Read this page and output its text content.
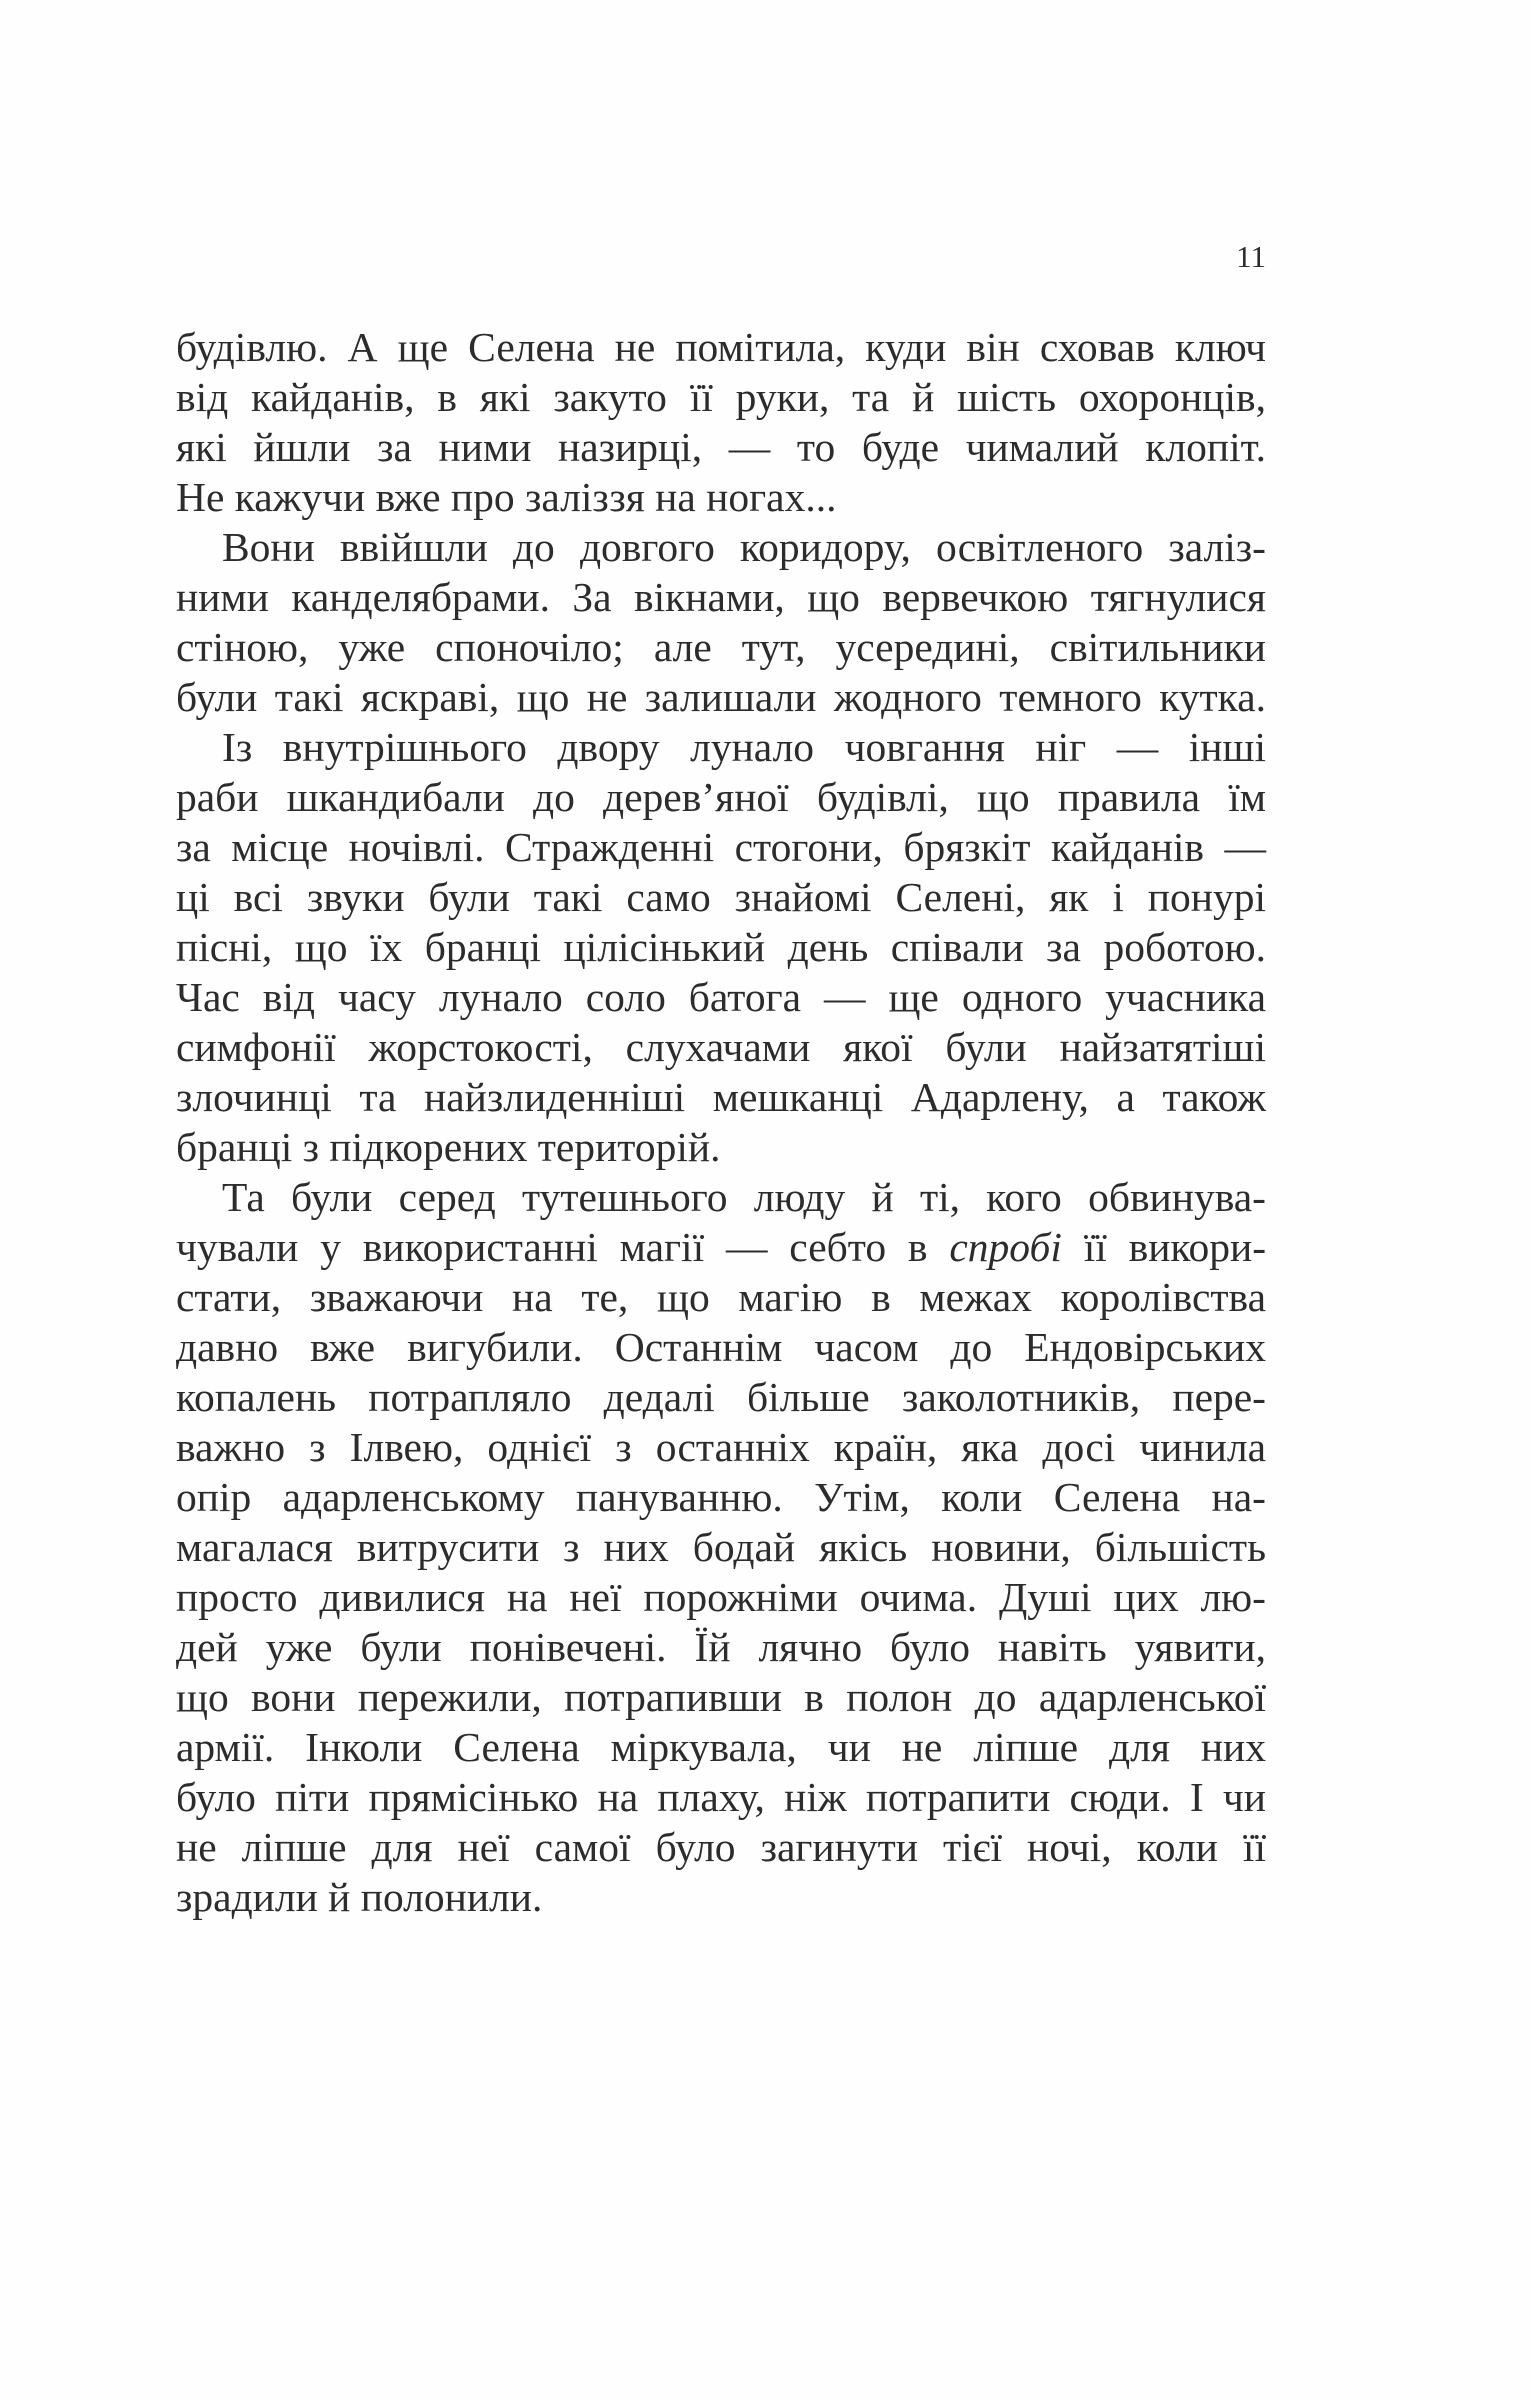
11
будівлю. А ще Селена не помітила, куди він сховав ключ
від кайданів, в які закуто її руки, та й шість охоронців,
які йшли за ними назирці, — то буде чималий клопіт.
Не кажучи вже про заліззя на ногах...
Вони ввійшли до довгого коридору, освітленого заліз-
ними канделябрами. За вікнами, що вервечкою тягнулися
стіною, уже споночіло; але тут, усередині, світильники
були такі яскраві, що не залишали жодного темного кутка.
Із внутрішнього двору лунало човгання ніг — інші
раби шкандибали до дерев’яної будівлі, що правила їм
за місце ночівлі. Стражденні стогони, брязкіт кайданів —
ці всі звуки були такі само знайомі Селені, як і понурі
пісні, що їх бранці цілісінький день співали за роботою.
Час від часу лунало соло батога — ще одного учасника
симфонії жорстокості, слухачами якої були найзатятіші
злочинці та найзлиденніші мешканці Адарлену, а також
бранці з підкорених територій.
Та були серед тутешнього люду й ті, кого обвинува-
чували у використанні магії — себто в спробі її викори-
стати, зважаючи на те, що магію в межах королівства
давно вже вигубили. Останнім часом до Ендовірських
копалень потрапляло дедалі більше заколотників, пере-
важно з Ілвею, однієї з останніх країн, яка досі чинила
опір адарленському пануванню. Утім, коли Селена на-
магалася витрусити з них бодай якісь новини, більшість
просто дивилися на неї порожніми очима. Душі цих лю-
дей уже були понівечені. Їй лячно було навіть уявити,
що вони пережили, потрапивши в полон до адарленської
армії. Інколи Селена міркувала, чи не ліпше для них
було піти прямісінько на плаху, ніж потрапити сюди. І чи
не ліпше для неї самої було загинути тієї ночі, коли її
зрадили й полонили.
